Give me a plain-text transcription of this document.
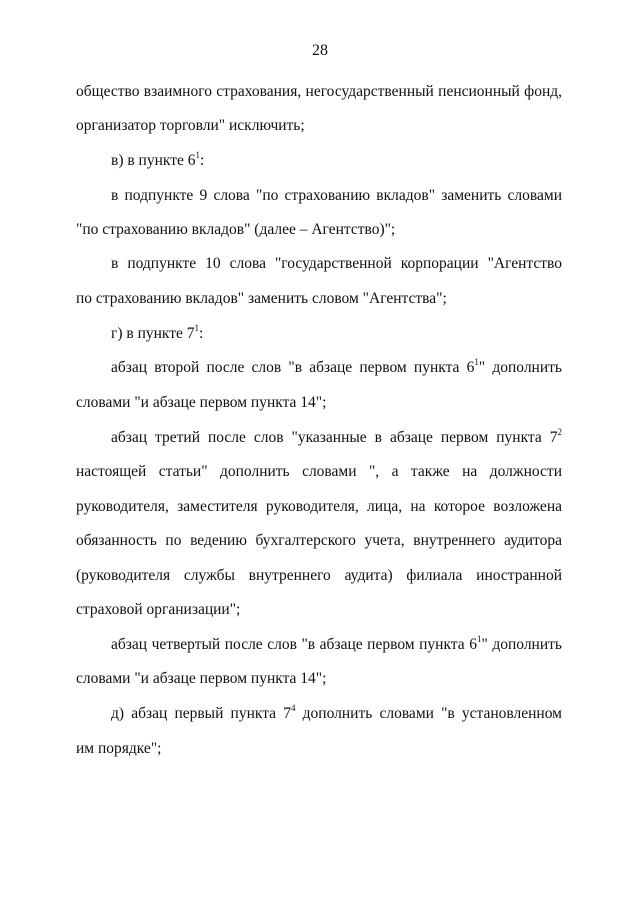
28
общество взаимного страхования, негосударственный пенсионный фонд,
организатор торговли" исключить;
в) в пункте $6^1$:
в подпункте 9 слова "по страхованию вкладов" заменить словами
"по страхованию вкладов" (далее – Агентство)";
в подпункте 10 слова "государственной корпорации "Агентство
по страхованию вкладов" заменить словом "Агентства";
г) в пункте $7^1$:
абзац второй после слов "в абзаце первом пункта $6^1$" дополнить
словами "и абзаце первом пункта 14";
абзац третий после слов "указанные в абзаце первом пункта $7^2$
настоящей статьи" дополнить словами ", а также на должности
руководителя, заместителя руководителя, лица, на которое возложена
обязанность по ведению бухгалтерского учета, внутреннего аудитора
(руководителя службы внутреннего аудита) филиала иностранной
страховой организации";
абзац четвертый после слов "в абзаце первом пункта $6^1$" дополнить
словами "и абзаце первом пункта 14";
д) абзац первый пункта $7^4$ дополнить словами "в установленном
им порядке";
